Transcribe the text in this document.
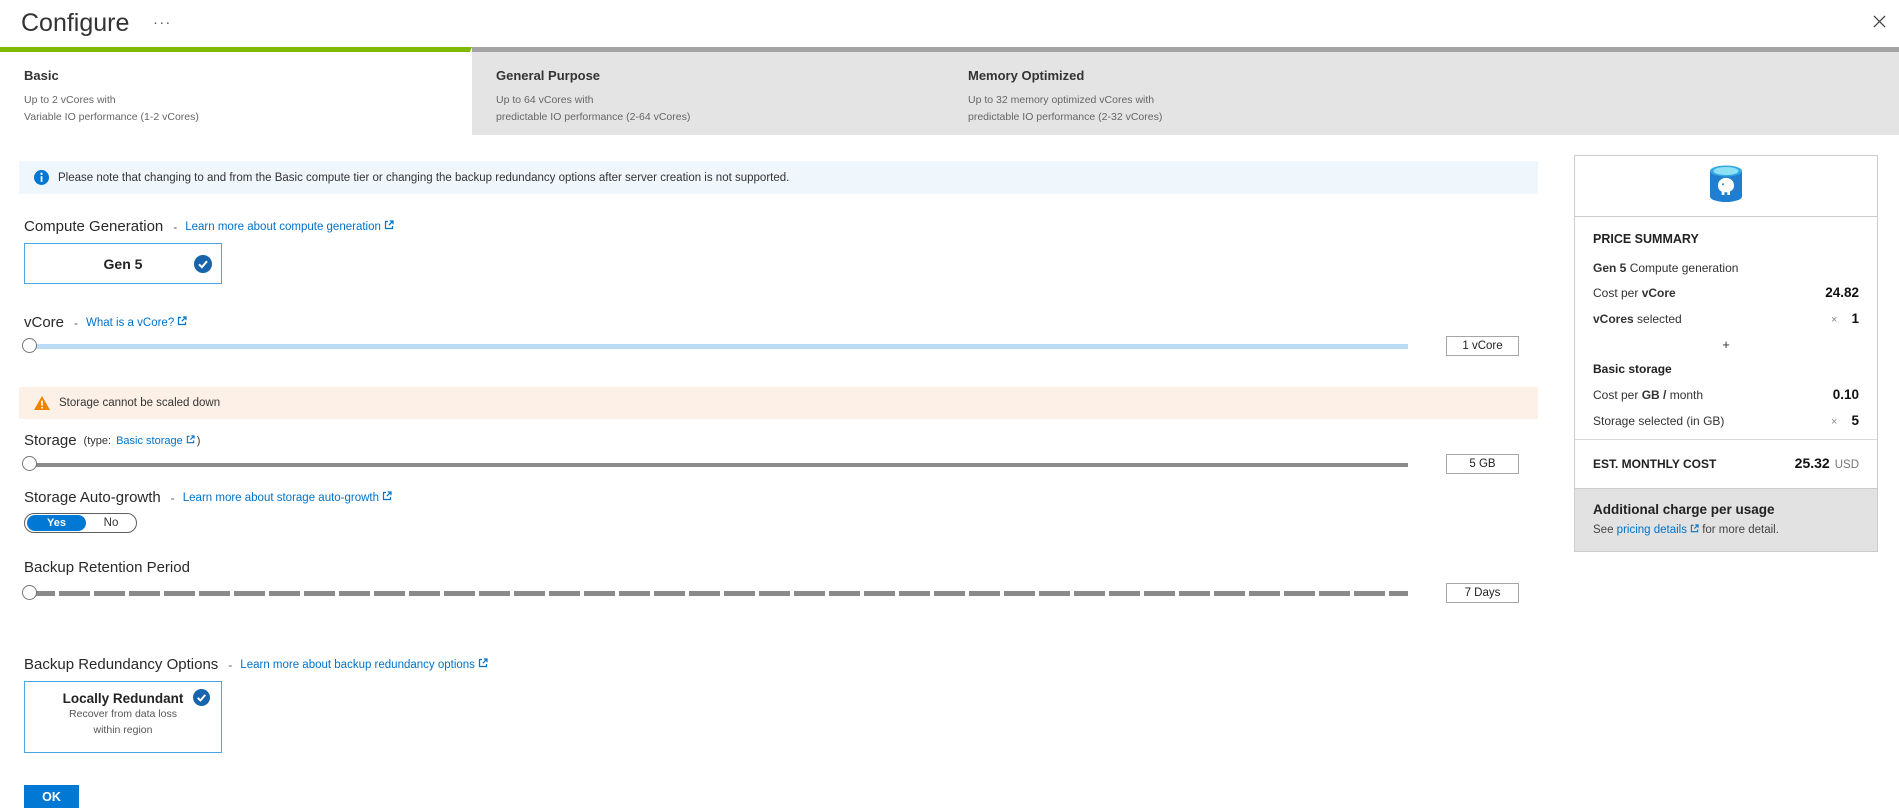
Configure ...
Basic
Up to 2 vCores with
Variable IO performance (1-2 vCores)
General Purpose
Up to 64 vCores with
predictable IO performance (2-64 vCores)
Memory Optimized
Up to 32 memory optimized vCores with
predictable IO performance (2-32 vCores)
Please note that changing to and from the Basic compute tier or changing the backup redundancy options after server creation is not supported.
Compute Generation - Learn more about compute generation
Gen 5
vCore - What is a vCore?
1 vCore
Storage cannot be scaled down
Storage (type: Basic storage )
5 GB
Storage Auto-growth - Learn more about storage auto-growth
Yes	No
Backup Retention Period
7 Days
Backup Redundancy Options - Learn more about backup redundancy options
Locally Redundant
Recover from data loss
within region
OK
PRICE SUMMARY
Gen 5 Compute generation
Cost per vCore	24.82
vCores selected	× 1
+
Basic storage
Cost per GB / month	0.10
Storage selected (in GB)	× 5
EST. MONTHLY COST	25.32 USD
Additional charge per usage
See pricing details for more detail.
